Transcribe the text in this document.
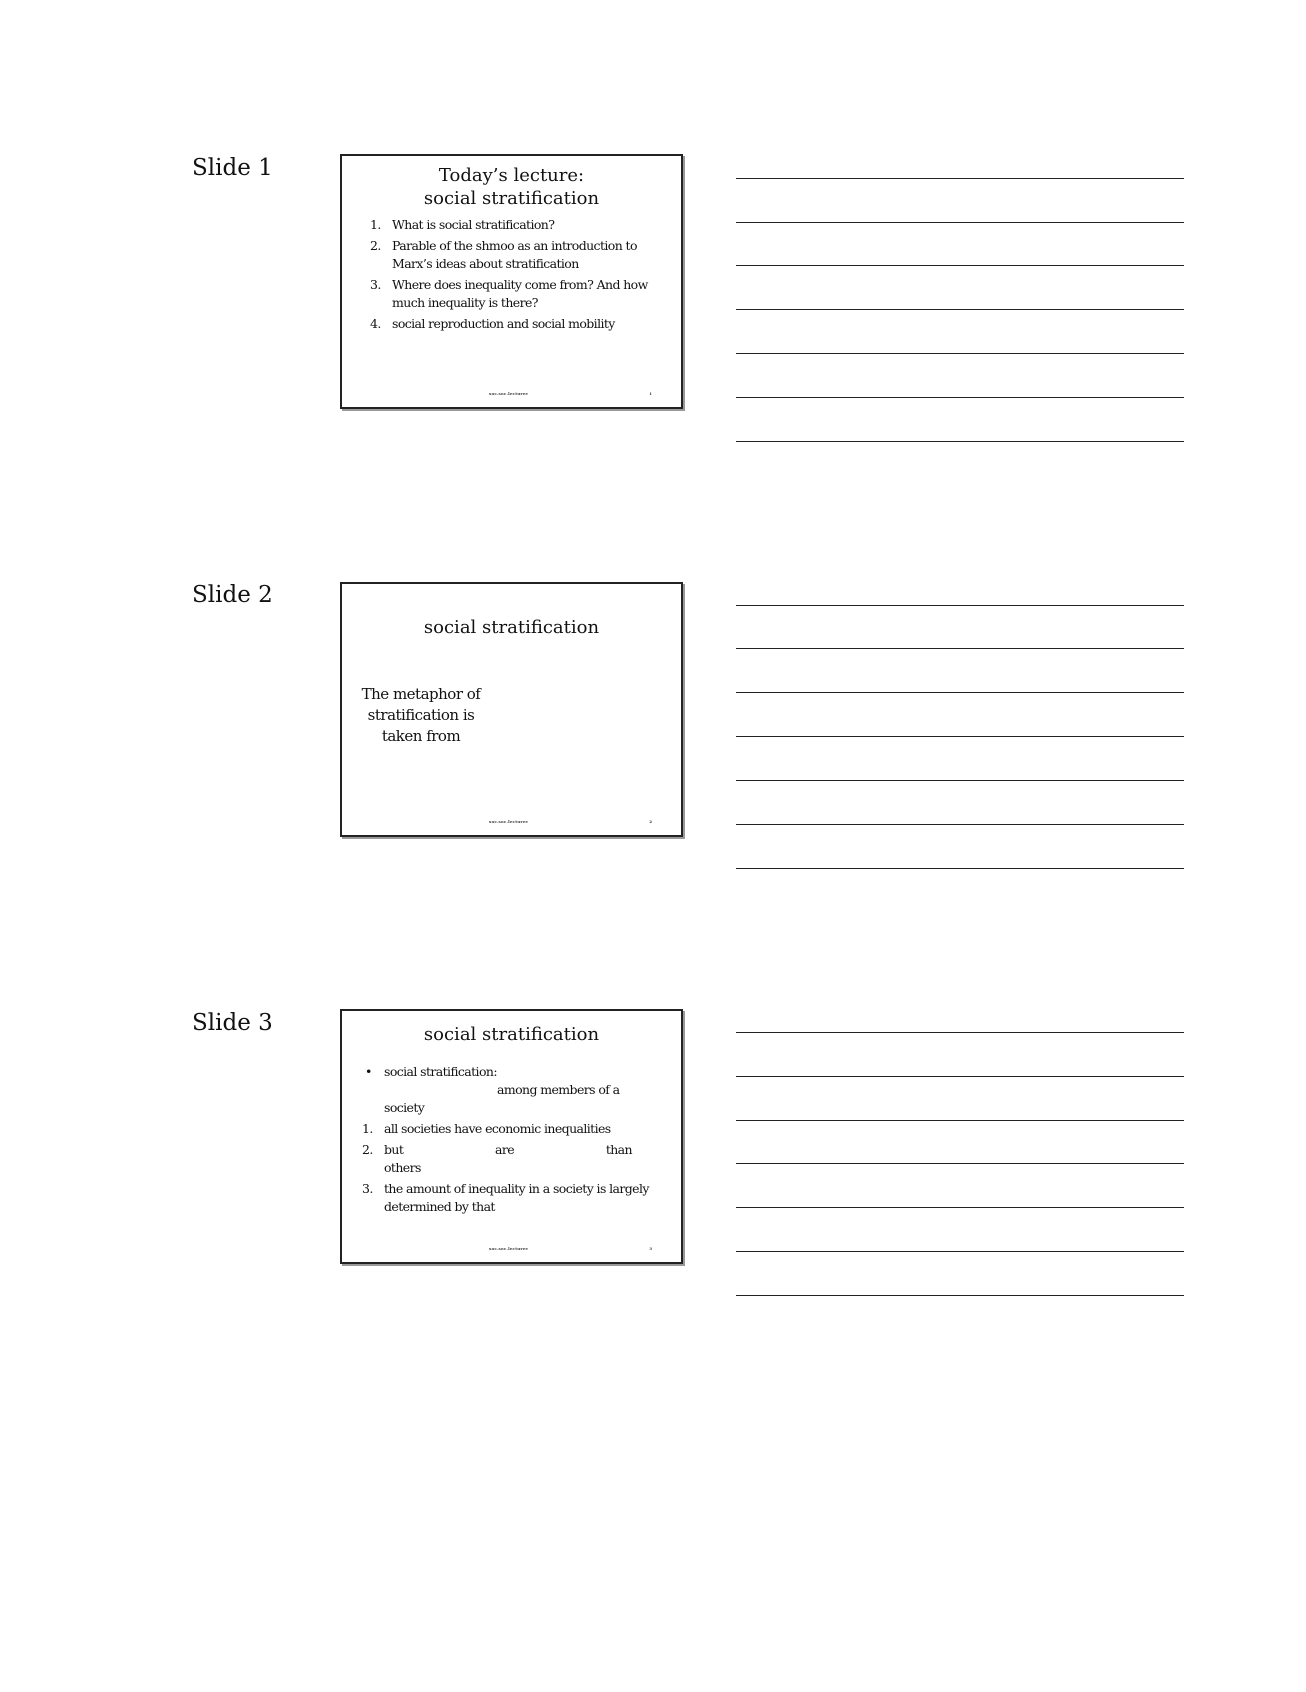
Slide 1	Today’s lecture:
social stratification
1. What is social stratification?
2. Parable of the shmoo as an introduction to Marx’s ideas about stratification
3. Where does inequality come from? And how much inequality is there?
4. social reproduction and social mobility
soc.soc.lecturee	1
Slide 2
social stratification
The metaphor of
stratification is
taken from
soc.soc.lecturee	2
Slide 3	social stratification
• social stratification:
among members of a
society
1. all societies have economic inequalities
2. but	are	than
others
3. the amount of inequality in a society is largely determined by that
soc.soc.lecturee	3
